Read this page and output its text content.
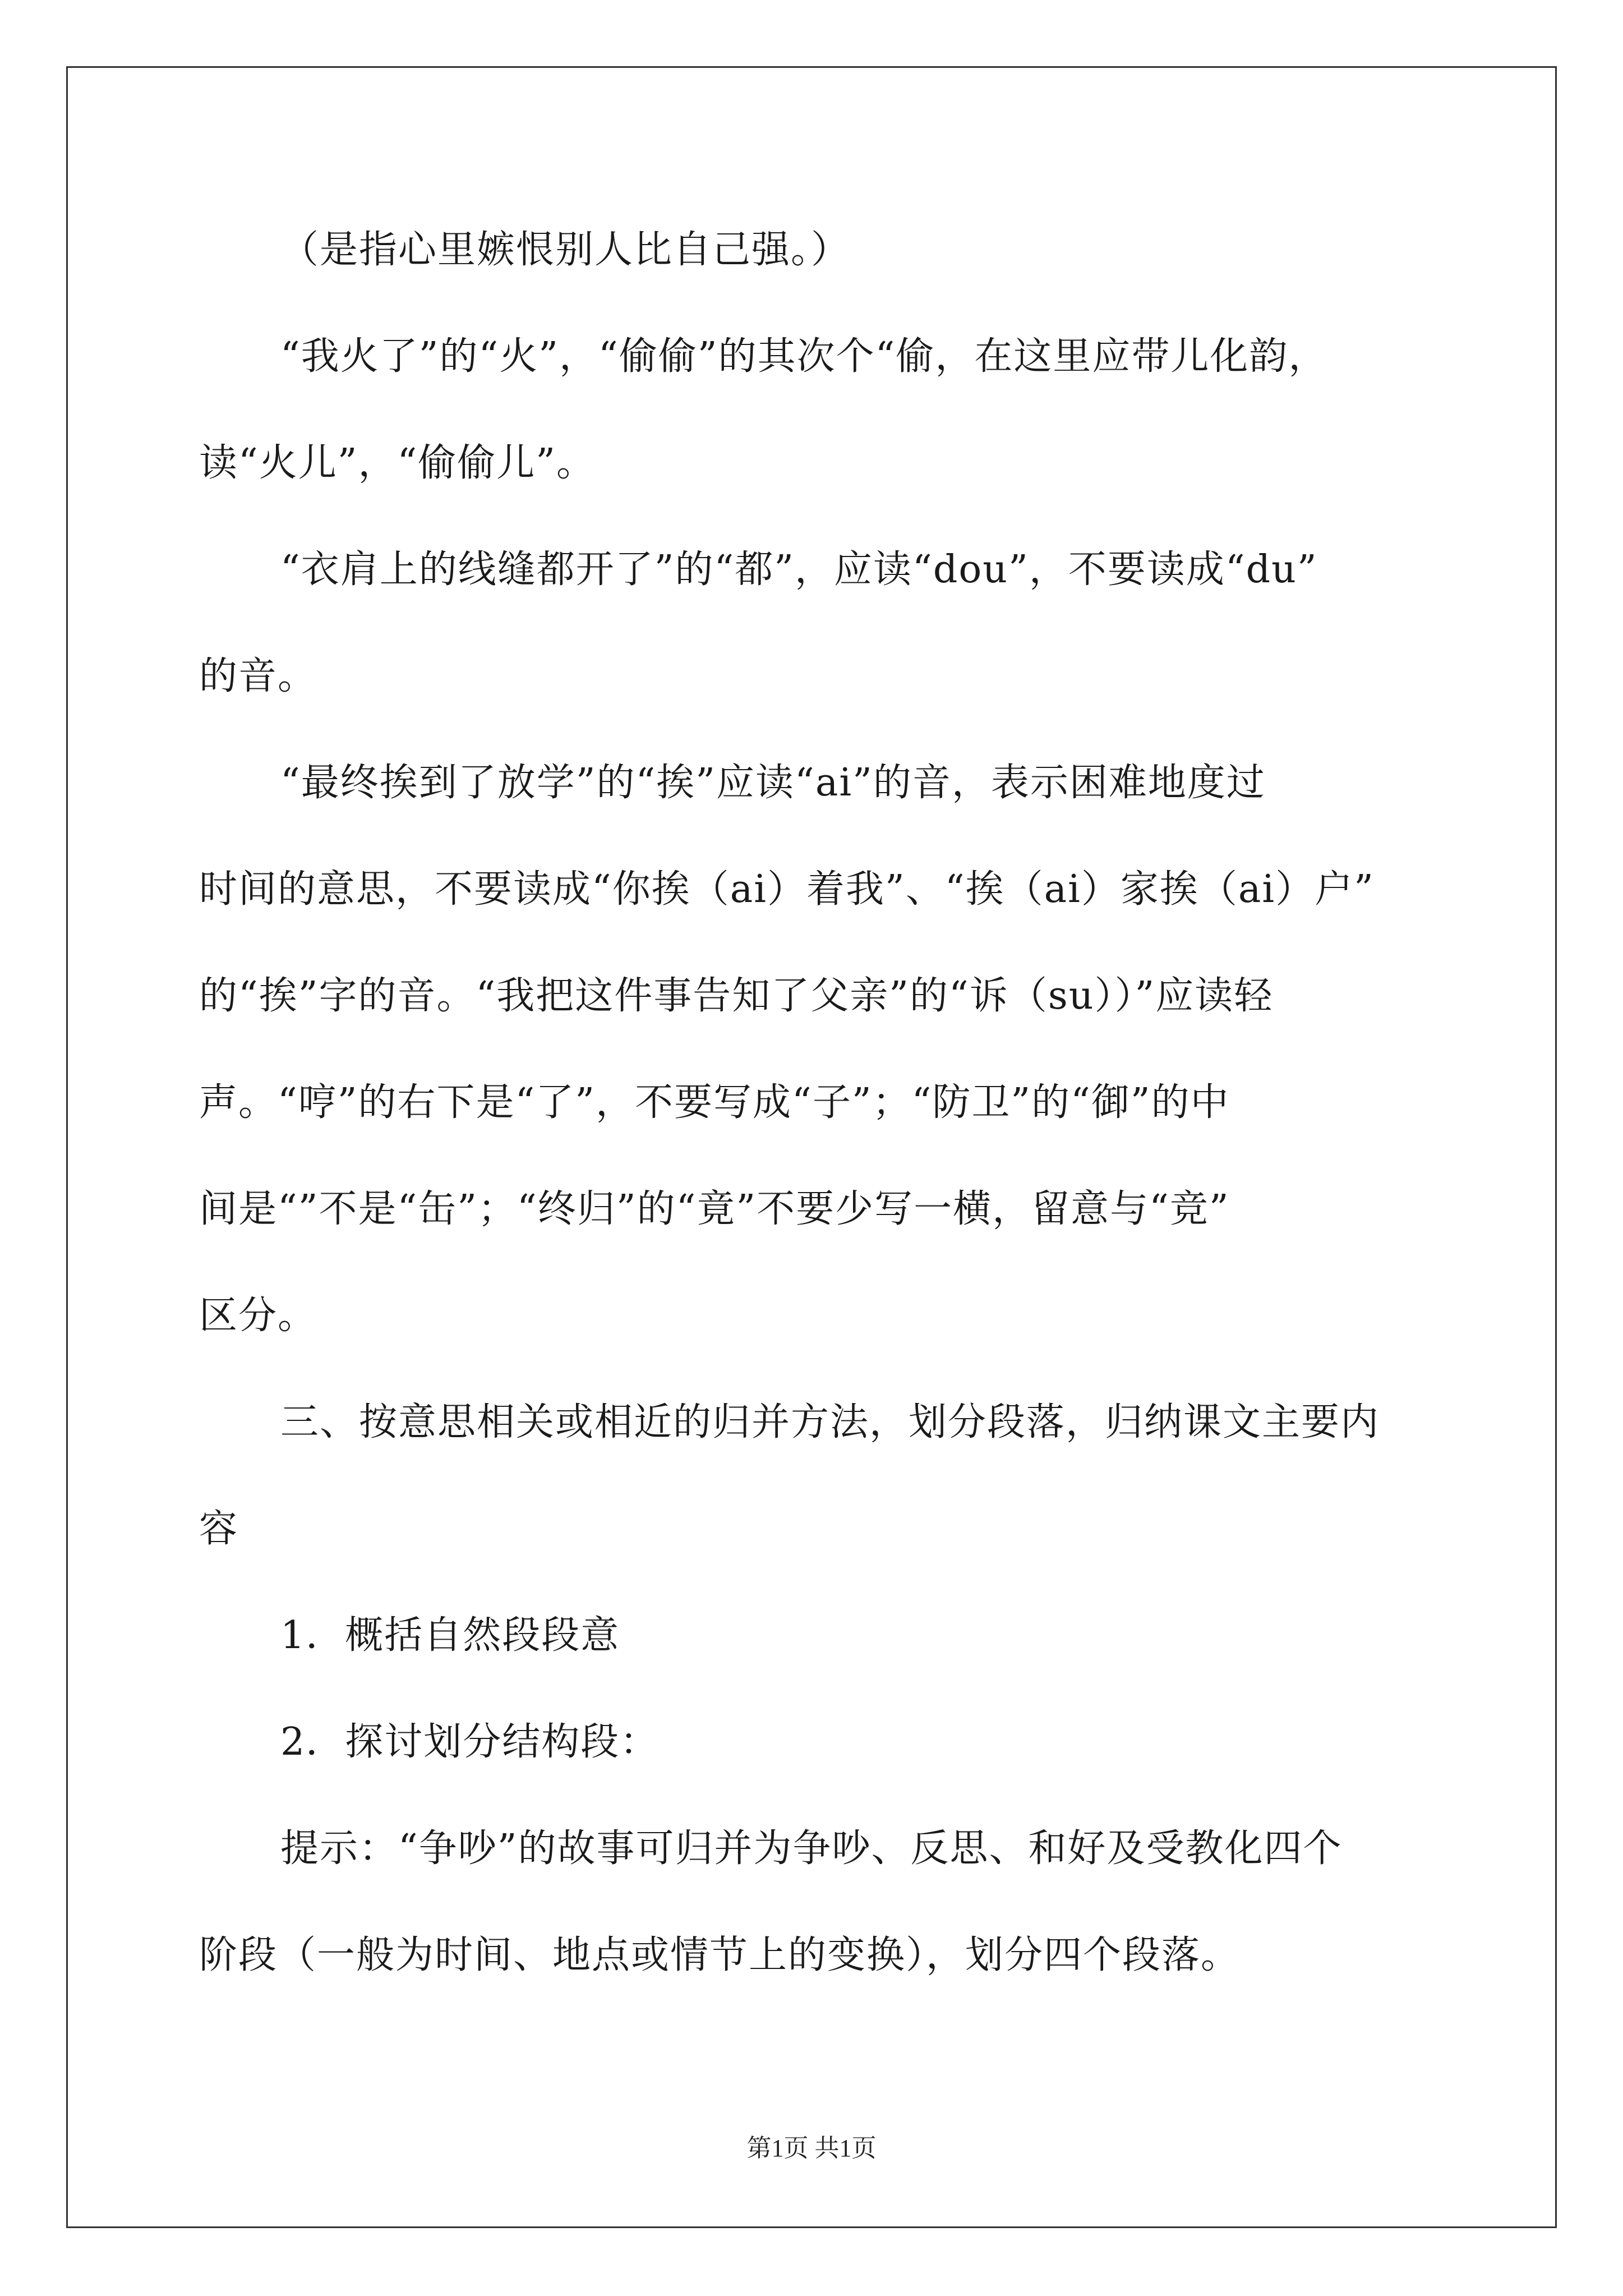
（是指心里嫉恨别人比自己强。）
“我火了”的“火”，“偷偷”的其次个“偷，在这里应带儿化韵，
读“火儿”，“偷偷儿”。
“衣肩上的线缝都开了”的“都”，应读“dou”，不要读成“du”
的音。
“最终挨到了放学”的“挨”应读“ai”的音，表示困难地度过
时间的意思，不要读成“你挨（ai）着我”、“挨（ai）家挨（ai）户”
的“挨”字的音。“我把这件事告知了父亲”的“诉（su））”应读轻
声。“哼”的右下是“了”，不要写成“子”；“防卫”的“御”的中
间是“”不是“缶”；“终归”的“竟”不要少写一横，留意与“竞”
区分。
三、按意思相关或相近的归并方法，划分段落，归纳课文主要内
容
1．概括自然段段意
2．探讨划分结构段：
提示：“争吵”的故事可归并为争吵、反思、和好及受教化四个
阶段（一般为时间、地点或情节上的变换），划分四个段落。
第1页 共1页
